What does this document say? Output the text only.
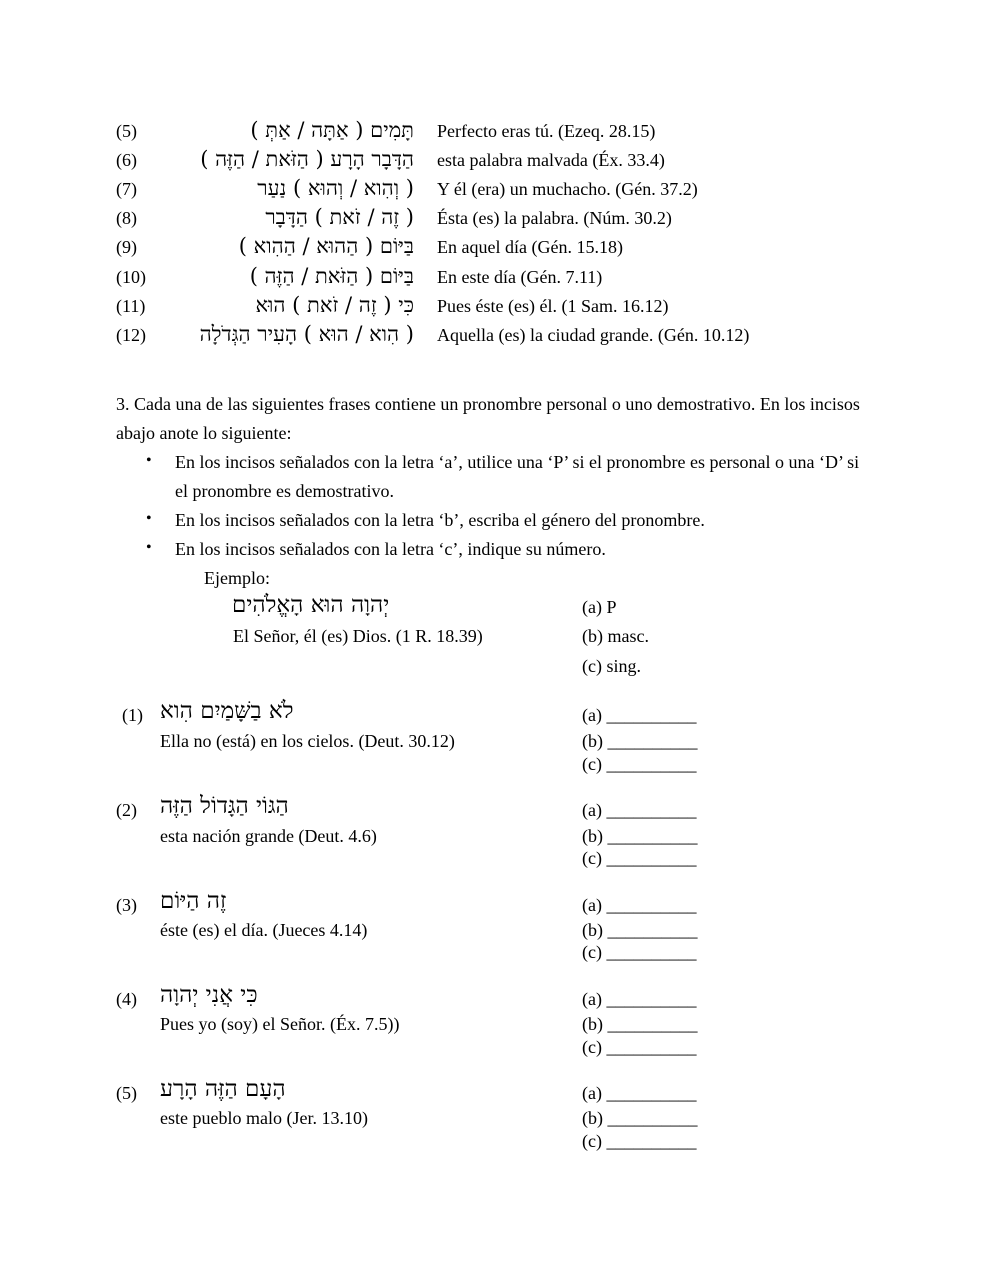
(5)	תָּמִים ( אַתָּה / אַתְּ ) Perfecto eras tú. (Ezeq. 28.15)
(6)	הַדָּבָר הָרָע ( הַזֹּאת / הַזֶּה ) esta palabra malvada (Éx. 33.4)
(7)	( וְהִוא / וְהוּא ) נַעַר Y él (era) un muchacho. (Gén. 37.2)
(8)	( זֶה / זֹאת ) הַדָּבָר Ésta (es) la palabra. (Núm. 30.2)
(9)	בַּיּוֹם ( הַהוּא / הַהִוא ) En aquel día (Gén. 15.18)
(10)	בַּיּוֹם ( הַזֹּאת / הַזֶּה ) En este día (Gén. 7.11)
(11)	כִּי ( זֶה / זֹאת ) הוּא Pues éste (es) él. (1 Sam. 16.12)
(12)	( הִוא / הוּא ) הָעִיר הַגְּדֹלָה Aquella (es) la ciudad grande. (Gén. 10.12)
3. Cada una de las siguientes frases contiene un pronombre personal o uno demostrativo. En los incisos abajo anote lo siguiente:
• En los incisos señalados con la letra ‘a’, utilice una ‘P’ si el pronombre es personal o una ‘D’ si el pronombre es demostrativo.
• En los incisos señalados con la letra ‘b’, escriba el género del pronombre.
• En los incisos señalados con la letra ‘c’, indique su número.
Ejemplo:
יְהוָה הוּא הָאֱלֹהִים
El Señor, él (es) Dios. (1 R. 18.39)
(a) P
(b) masc.
(c) sing.
(1) לֹא בַשָּׁמַיִם הִוא
Ella no (está) en los cielos. (Deut. 30.12)
(a) __________
(b) __________
(c) __________
(2) הַגּוֹי הַגָּדוֹל הַזֶּה
esta nación grande (Deut. 4.6)
(a) __________
(b) __________
(c) __________
(3) זֶה הַיּוֹם
éste (es) el día. (Jueces 4.14)
(a) __________
(b) __________
(c) __________
(4) כִּי אֲנִי יְהוָה
Pues yo (soy) el Señor. (Éx. 7.5))
(a) __________
(b) __________
(c) __________
(5) הָעָם הַזֶּה הָרָע
este pueblo malo (Jer. 13.10)
(a) __________
(b) __________
(c) __________
